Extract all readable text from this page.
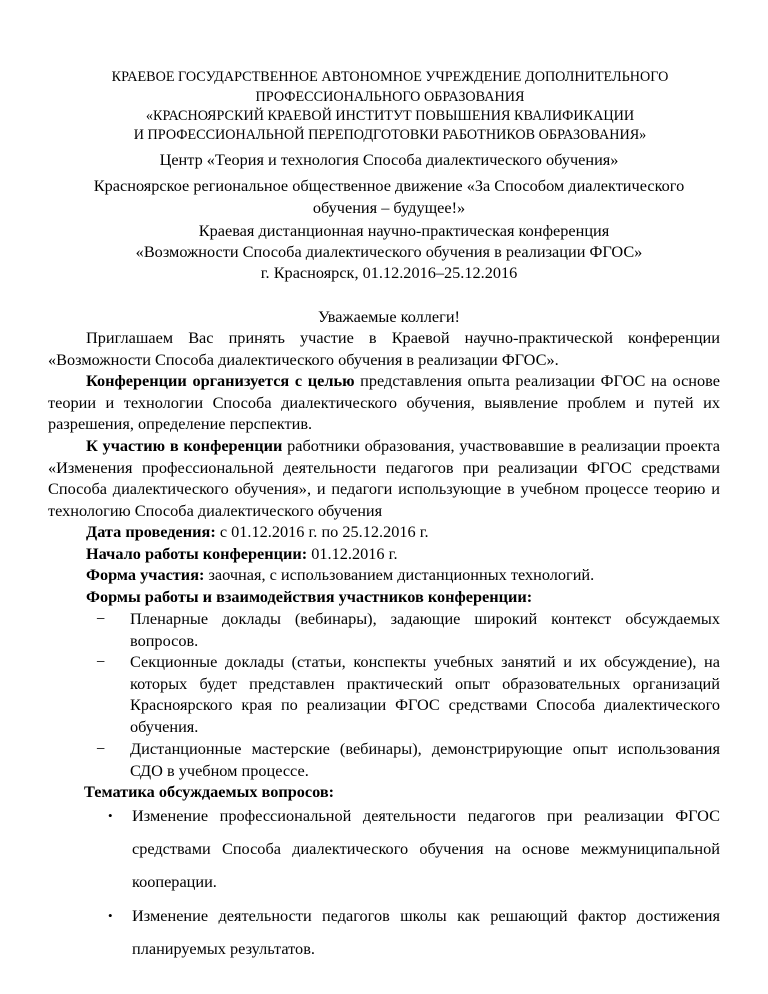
КРАЕВОЕ ГОСУДАРСТВЕННОЕ АВТОНОМНОЕ УЧРЕЖДЕНИЕ ДОПОЛНИТЕЛЬНОГО
ПРОФЕССИОНАЛЬНОГО ОБРАЗОВАНИЯ
«КРАСНОЯРСКИЙ КРАЕВОЙ ИНСТИТУТ ПОВЫШЕНИЯ КВАЛИФИКАЦИИ
И ПРОФЕССИОНАЛЬНОЙ ПЕРЕПОДГОТОВКИ РАБОТНИКОВ ОБРАЗОВАНИЯ»
Центр «Теория и технология Способа диалектического обучения»
Красноярское региональное общественное движение «За Способом диалектического
обучения – будущее!»
Краевая дистанционная научно-практическая конференция
«Возможности Способа диалектического обучения в реализации ФГОС»
г. Красноярск, 01.12.2016–25.12.2016
Уважаемые коллеги!
Приглашаем Вас принять участие в Краевой научно-практической конференции «Возможности Способа диалектического обучения в реализации ФГОС».
Конференции организуется с целью представления опыта реализации ФГОС на основе теории и технологии Способа диалектического обучения, выявление проблем и путей их разрешения, определение перспектив.
К участию в конференции работники образования, участвовавшие в реализации проекта «Изменения профессиональной деятельности педагогов при реализации ФГОС средствами Способа диалектического обучения», и педагоги использующие в учебном процессе теорию и технологию Способа диалектического обучения
Дата проведения: с 01.12.2016 г. по 25.12.2016 г.
Начало работы конференции: 01.12.2016 г.
Форма участия: заочная, с использованием дистанционных технологий.
Формы работы и взаимодействия участников конференции:
−	Пленарные доклады (вебинары), задающие широкий контекст обсуждаемых вопросов.
−	Секционные доклады (статьи, конспекты учебных занятий и их обсуждение), на которых будет представлен практический опыт образовательных организаций Красноярского края по реализации ФГОС средствами Способа диалектического обучения.
−	Дистанционные мастерские (вебинары), демонстрирующие опыт использования СДО в учебном процессе.
Тематика обсуждаемых вопросов:
•	Изменение профессиональной деятельности педагогов при реализации ФГОС средствами Способа диалектического обучения на основе межмуниципальной кооперации.
•	Изменение деятельности педагогов школы как решающий фактор достижения планируемых результатов.
